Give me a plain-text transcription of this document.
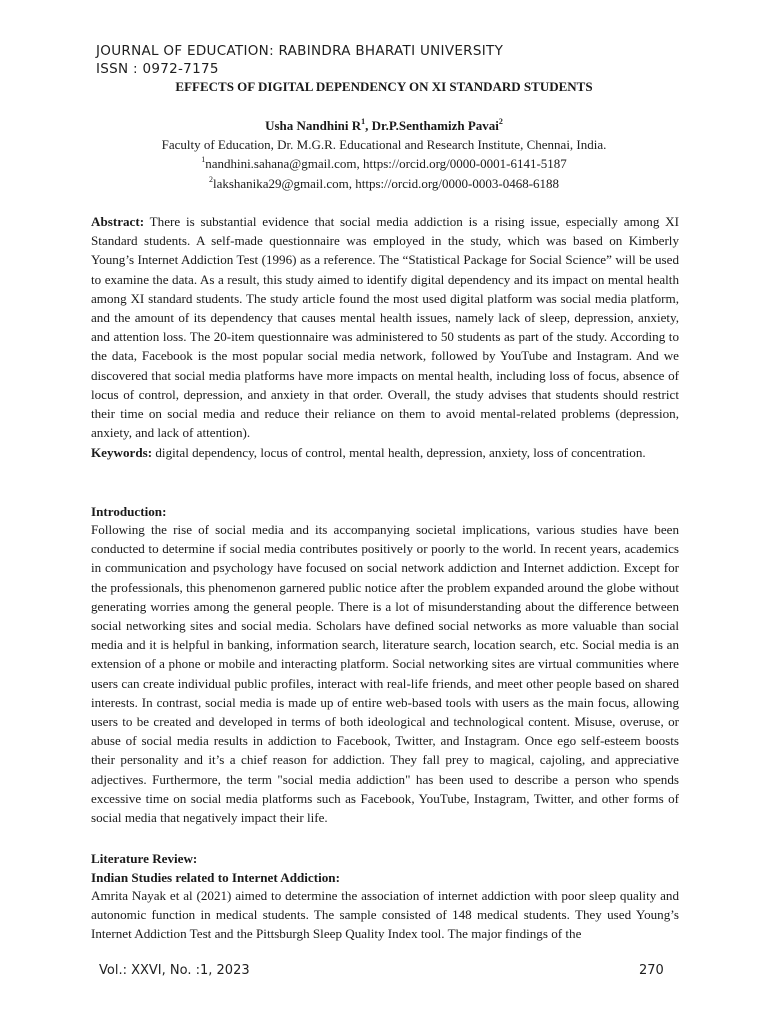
JOURNAL OF EDUCATION: RABINDRA BHARATI UNIVERSITY
ISSN : 0972-7175
EFFECTS OF DIGITAL DEPENDENCY ON XI STANDARD STUDENTS
Usha Nandhini $R^1$, Dr.P.Senthamizh Pavai$^2$
Faculty of Education, Dr. M.G.R. Educational and Research Institute, Chennai, India.
$^1$nandhini.sahana@gmail.com, https://orcid.org/0000-0001-6141-5187
$^2$lakshanika29@gmail.com, https://orcid.org/0000-0003-0468-6188
Abstract: There is substantial evidence that social media addiction is a rising issue, especially among XI Standard students. A self-made questionnaire was employed in the study, which was based on Kimberly Young’s Internet Addiction Test (1996) as a reference. The “Statistical Package for Social Science” will be used to examine the data. As a result, this study aimed to identify digital dependency and its impact on mental health among XI standard students. The study article found the most used digital platform was social media platform, and the amount of its dependency that causes mental health issues, namely lack of sleep, depression, anxiety, and attention loss. The 20-item questionnaire was administered to 50 students as part of the study. According to the data, Facebook is the most popular social media network, followed by YouTube and Instagram. And we discovered that social media platforms have more impacts on mental health, including loss of focus, absence of locus of control, depression, and anxiety in that order. Overall, the study advises that students should restrict their time on social media and reduce their reliance on them to avoid mental-related problems (depression, anxiety, and lack of attention).
Keywords: digital dependency, locus of control, mental health, depression, anxiety, loss of concentration.
Introduction:
Following the rise of social media and its accompanying societal implications, various studies have been conducted to determine if social media contributes positively or poorly to the world. In recent years, academics in communication and psychology have focused on social network addiction and Internet addiction. Except for the professionals, this phenomenon garnered public notice after the problem expanded around the globe without generating worries among the general people. There is a lot of misunderstanding about the difference between social networking sites and social media. Scholars have defined social networks as more valuable than social media and it is helpful in banking, information search, literature search, location search, etc. Social media is an extension of a phone or mobile and interacting platform. Social networking sites are virtual communities where users can create individual public profiles, interact with real-life friends, and meet other people based on shared interests. In contrast, social media is made up of entire web-based tools with users as the main focus, allowing users to be created and developed in terms of both ideological and technological content. Misuse, overuse, or abuse of social media results in addiction to Facebook, Twitter, and Instagram. Once ego self-esteem boosts their personality and it’s a chief reason for addiction. They fall prey to magical, cajoling, and appreciative adjectives. Furthermore, the term "social media addiction" has been used to describe a person who spends excessive time on social media platforms such as Facebook, YouTube, Instagram, Twitter, and other forms of social media that negatively impact their life.
Literature Review:
Indian Studies related to Internet Addiction:
Amrita Nayak et al (2021) aimed to determine the association of internet addiction with poor sleep quality and autonomic function in medical students. The sample consisted of 148 medical students. They used Young’s Internet Addiction Test and the Pittsburgh Sleep Quality Index tool. The major findings of the
Vol.: XXVI, No. :1, 2023	270
